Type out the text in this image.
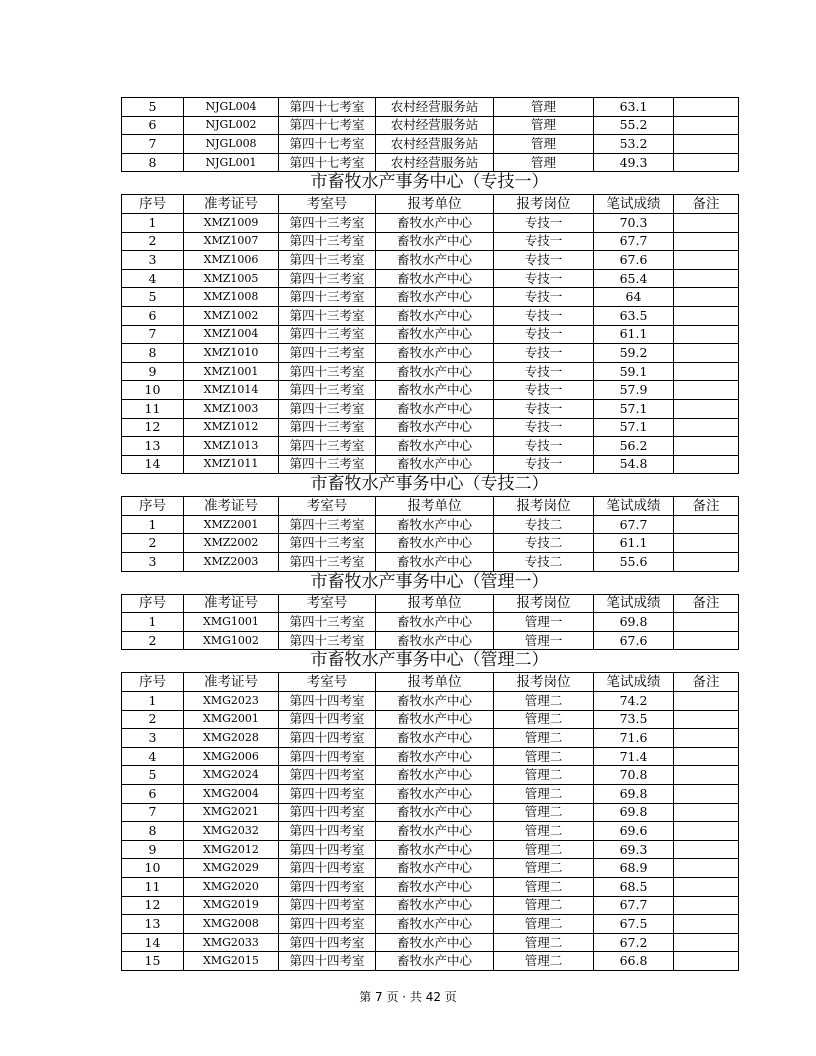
5	NJGL004	第四十七考室	农村经营服务站	管理	63.1	
6	NJGL002	第四十七考室	农村经营服务站	管理	55.2	
7	NJGL008	第四十七考室	农村经营服务站	管理	53.2	
8	NJGL001	第四十七考室	农村经营服务站	管理	49.3	
市畜牧水产事务中心（专技一）
序号	准考证号	考室号	报考单位	报考岗位	笔试成绩	备注
1	XMZ1009	第四十三考室	畜牧水产中心	专技一	70.3	
2	XMZ1007	第四十三考室	畜牧水产中心	专技一	67.7	
3	XMZ1006	第四十三考室	畜牧水产中心	专技一	67.6	
4	XMZ1005	第四十三考室	畜牧水产中心	专技一	65.4	
5	XMZ1008	第四十三考室	畜牧水产中心	专技一	64	
6	XMZ1002	第四十三考室	畜牧水产中心	专技一	63.5	
7	XMZ1004	第四十三考室	畜牧水产中心	专技一	61.1	
8	XMZ1010	第四十三考室	畜牧水产中心	专技一	59.2	
9	XMZ1001	第四十三考室	畜牧水产中心	专技一	59.1	
10	XMZ1014	第四十三考室	畜牧水产中心	专技一	57.9	
11	XMZ1003	第四十三考室	畜牧水产中心	专技一	57.1	
12	XMZ1012	第四十三考室	畜牧水产中心	专技一	57.1	
13	XMZ1013	第四十三考室	畜牧水产中心	专技一	56.2	
14	XMZ1011	第四十三考室	畜牧水产中心	专技一	54.8	
市畜牧水产事务中心（专技二）
序号	准考证号	考室号	报考单位	报考岗位	笔试成绩	备注
1	XMZ2001	第四十三考室	畜牧水产中心	专技二	67.7	
2	XMZ2002	第四十三考室	畜牧水产中心	专技二	61.1	
3	XMZ2003	第四十三考室	畜牧水产中心	专技二	55.6	
市畜牧水产事务中心（管理一）
序号	准考证号	考室号	报考单位	报考岗位	笔试成绩	备注
1	XMG1001	第四十三考室	畜牧水产中心	管理一	69.8	
2	XMG1002	第四十三考室	畜牧水产中心	管理一	67.6	
市畜牧水产事务中心（管理二）
序号	准考证号	考室号	报考单位	报考岗位	笔试成绩	备注
1	XMG2023	第四十四考室	畜牧水产中心	管理二	74.2	
2	XMG2001	第四十四考室	畜牧水产中心	管理二	73.5	
3	XMG2028	第四十四考室	畜牧水产中心	管理二	71.6	
4	XMG2006	第四十四考室	畜牧水产中心	管理二	71.4	
5	XMG2024	第四十四考室	畜牧水产中心	管理二	70.8	
6	XMG2004	第四十四考室	畜牧水产中心	管理二	69.8	
7	XMG2021	第四十四考室	畜牧水产中心	管理二	69.8	
8	XMG2032	第四十四考室	畜牧水产中心	管理二	69.6	
9	XMG2012	第四十四考室	畜牧水产中心	管理二	69.3	
10	XMG2029	第四十四考室	畜牧水产中心	管理二	68.9	
11	XMG2020	第四十四考室	畜牧水产中心	管理二	68.5	
12	XMG2019	第四十四考室	畜牧水产中心	管理二	67.7	
13	XMG2008	第四十四考室	畜牧水产中心	管理二	67.5	
14	XMG2033	第四十四考室	畜牧水产中心	管理二	67.2	
15	XMG2015	第四十四考室	畜牧水产中心	管理二	66.8	
第 7 页 · 共 42 页
